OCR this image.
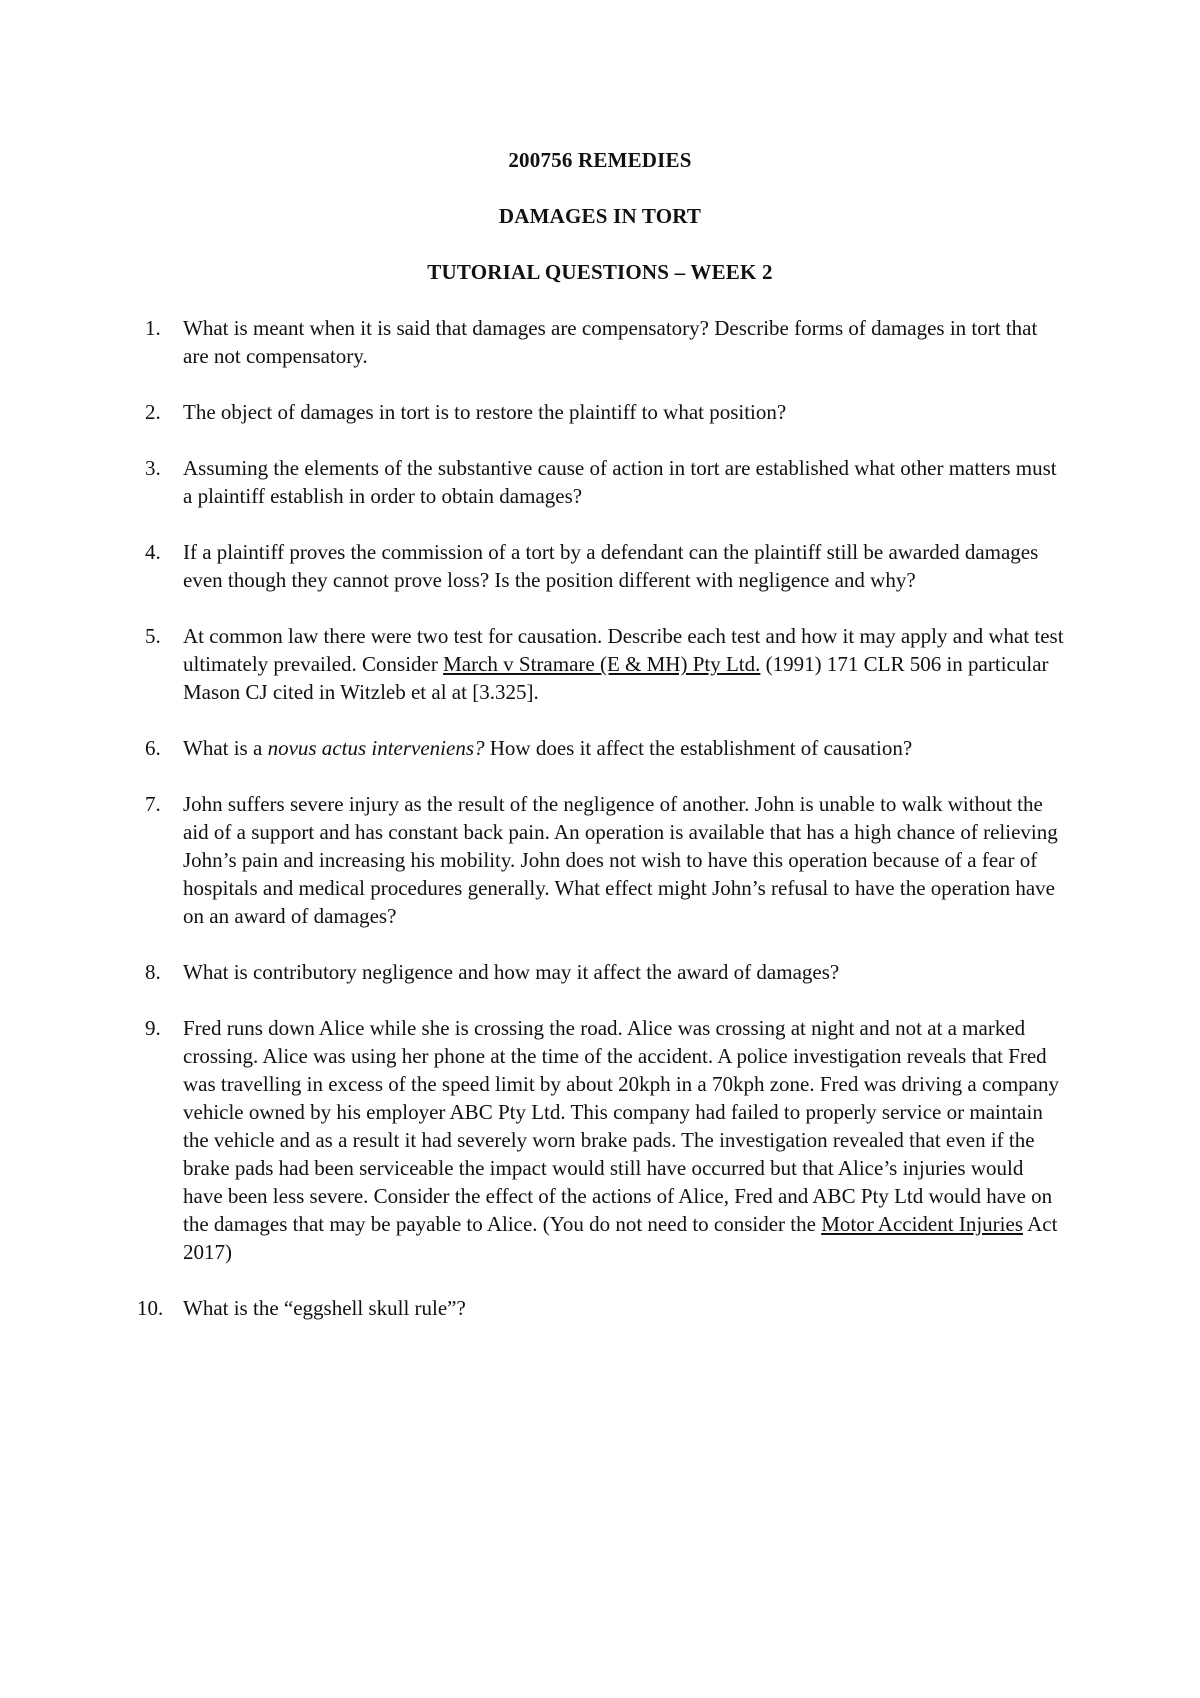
200756 REMEDIES
DAMAGES IN TORT
TUTORIAL QUESTIONS – WEEK 2
1. What is meant when it is said that damages are compensatory? Describe forms of damages in tort that are not compensatory.
2. The object of damages in tort is to restore the plaintiff to what position?
3. Assuming the elements of the substantive cause of action in tort are established what other matters must a plaintiff establish in order to obtain damages?
4. If a plaintiff proves the commission of a tort by a defendant can the plaintiff still be awarded damages even though they cannot prove loss? Is the position different with negligence and why?
5. At common law there were two test for causation. Describe each test and how it may apply and what test ultimately prevailed. Consider March v Stramare (E & MH) Pty Ltd. (1991) 171 CLR 506 in particular Mason CJ cited in Witzleb et al at [3.325].
6. What is a novus actus interveniens? How does it affect the establishment of causation?
7. John suffers severe injury as the result of the negligence of another. John is unable to walk without the aid of a support and has constant back pain. An operation is available that has a high chance of relieving John’s pain and increasing his mobility. John does not wish to have this operation because of a fear of hospitals and medical procedures generally. What effect might John’s refusal to have the operation have on an award of damages?
8. What is contributory negligence and how may it affect the award of damages?
9. Fred runs down Alice while she is crossing the road. Alice was crossing at night and not at a marked crossing. Alice was using her phone at the time of the accident. A police investigation reveals that Fred was travelling in excess of the speed limit by about 20kph in a 70kph zone. Fred was driving a company vehicle owned by his employer ABC Pty Ltd. This company had failed to properly service or maintain the vehicle and as a result it had severely worn brake pads. The investigation revealed that even if the brake pads had been serviceable the impact would still have occurred but that Alice’s injuries would have been less severe. Consider the effect of the actions of Alice, Fred and ABC Pty Ltd would have on the damages that may be payable to Alice. (You do not need to consider the Motor Accident Injuries Act 2017)
10. What is the “eggshell skull rule”?
